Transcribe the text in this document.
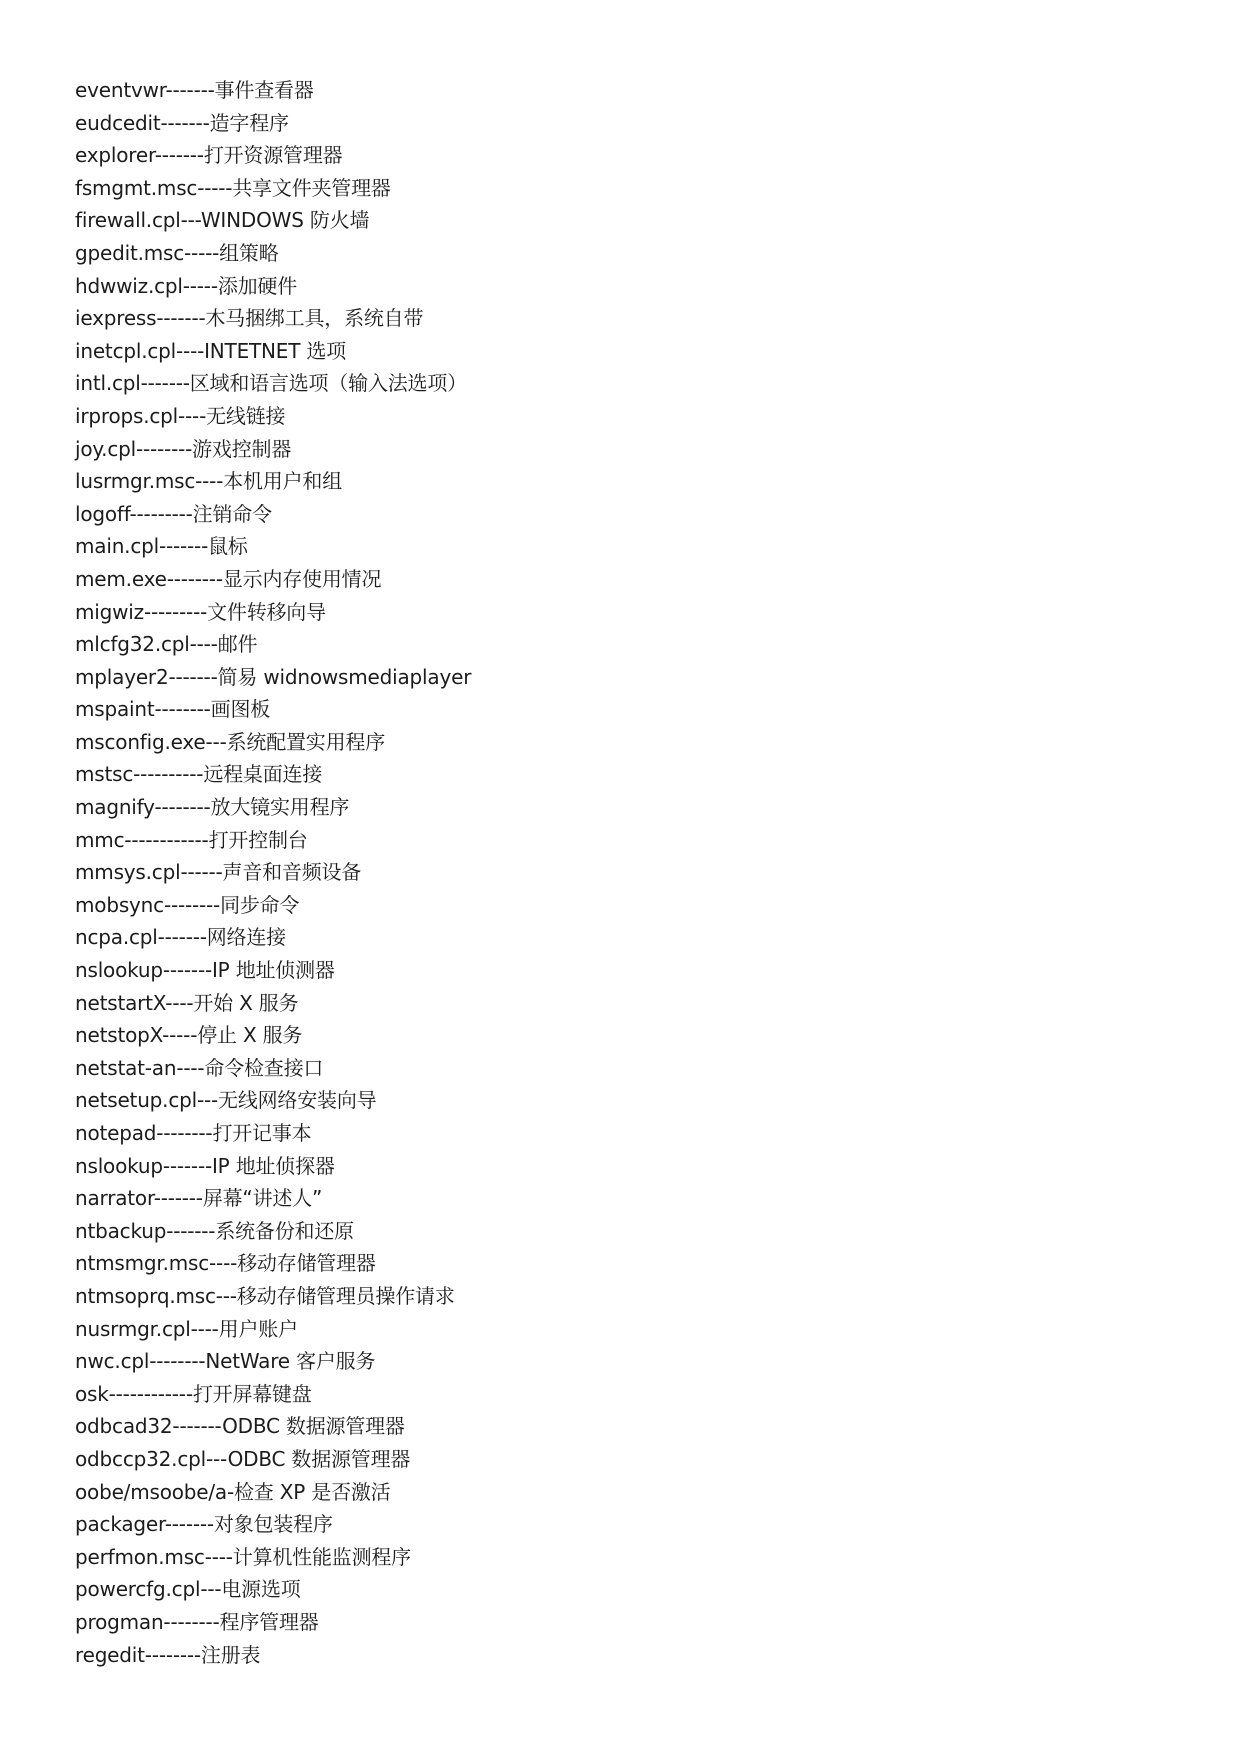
eventvwr-------事件查看器
eudcedit-------造字程序
explorer-------打开资源管理器
fsmgmt.msc-----共享文件夹管理器
firewall.cpl---WINDOWS 防火墙
gpedit.msc-----组策略
hdwwiz.cpl-----添加硬件
iexpress-------木马捆绑工具，系统自带
inetcpl.cpl----INTETNET 选项
intl.cpl-------区域和语言选项（输入法选项）
irprops.cpl----无线链接
joy.cpl--------游戏控制器
lusrmgr.msc----本机用户和组
logoff---------注销命令
main.cpl-------鼠标
mem.exe--------显示内存使用情况
migwiz---------文件转移向导
mlcfg32.cpl----邮件
mplayer2-------简易 widnowsmediaplayer
mspaint--------画图板
msconfig.exe---系统配置实用程序
mstsc----------远程桌面连接
magnify--------放大镜实用程序
mmc------------打开控制台
mmsys.cpl------声音和音频设备
mobsync--------同步命令
ncpa.cpl-------网络连接
nslookup-------IP 地址侦测器
netstartX----开始 X 服务
netstopX-----停止 X 服务
netstat-an----命令检查接口
netsetup.cpl---无线网络安装向导
notepad--------打开记事本
nslookup-------IP 地址侦探器
narrator-------屏幕“讲述人”
ntbackup-------系统备份和还原
ntmsmgr.msc----移动存储管理器
ntmsoprq.msc---移动存储管理员操作请求
nusrmgr.cpl----用户账户
nwc.cpl--------NetWare 客户服务
osk------------打开屏幕键盘
odbcad32-------ODBC 数据源管理器
odbccp32.cpl---ODBC 数据源管理器
oobe/msoobe/a-检查 XP 是否激活
packager-------对象包装程序
perfmon.msc----计算机性能监测程序
powercfg.cpl---电源选项
progman--------程序管理器
regedit--------注册表
